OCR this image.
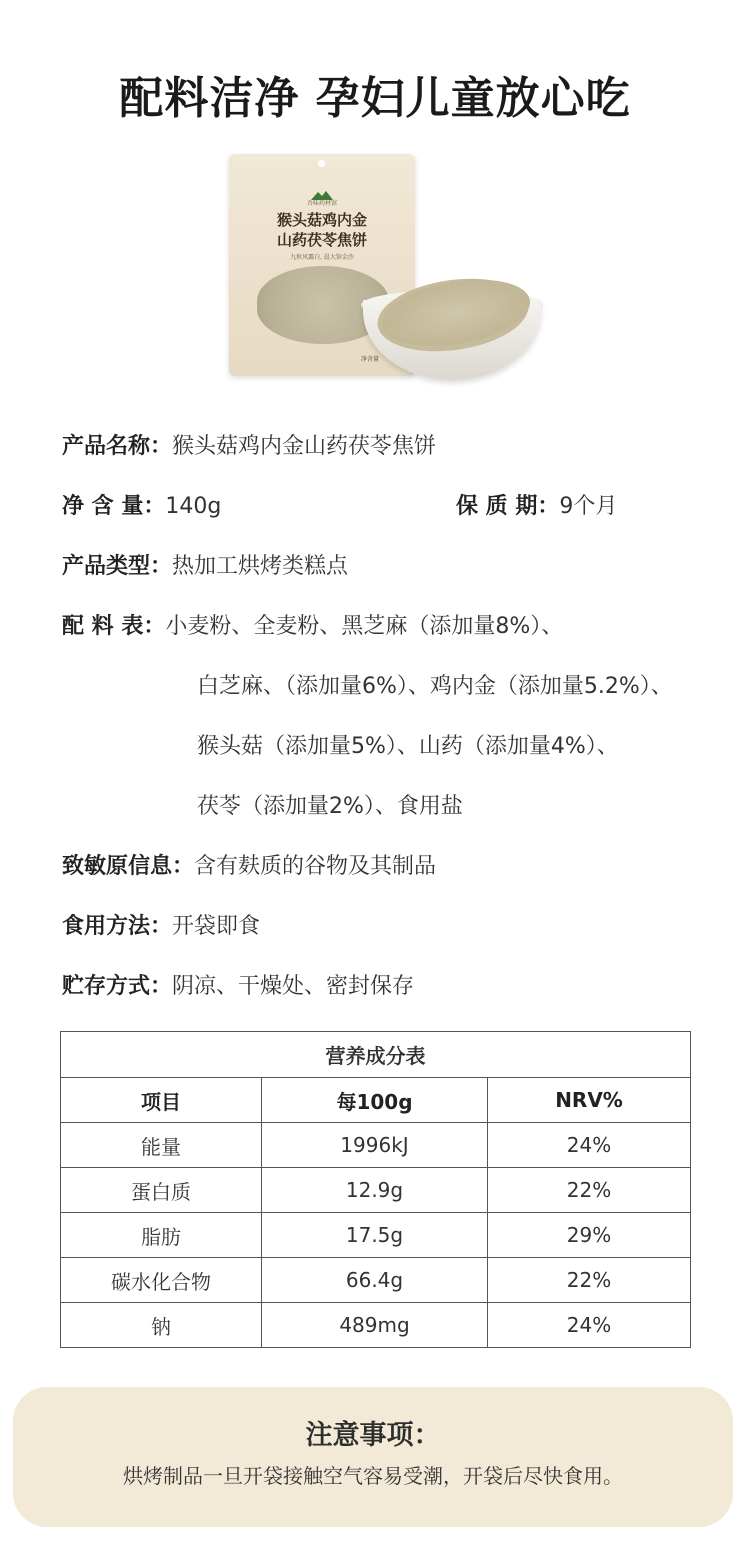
配料洁净 孕妇儿童放心吃
吾味药材馆
猴头菇鸡内金
山药茯苓焦饼
九秋风露白, 晨大馆金沙
净含量
产品名称：猴头菇鸡内金山药茯苓焦饼
净 含 量：140g	保 质 期：9个月
产品类型：热加工烘烤类糕点
配 料 表：小麦粉、全麦粉、黑芝麻（添加量8%）、
白芝麻、（添加量6%）、鸡内金（添加量5.2%）、
猴头菇（添加量5%）、山药（添加量4%）、
茯苓（添加量2%）、食用盐
致敏原信息：含有麸质的谷物及其制品
食用方法：开袋即食
贮存方式：阴凉、干燥处、密封保存
营养成分表		
项目	每100g	NRV%
能量	1996kJ	24%
蛋白质	12.9g	22%
脂肪	17.5g	29%
碳水化合物	66.4g	22%
钠	489mg	24%
注意事项：
烘烤制品一旦开袋接触空气容易受潮，开袋后尽快食用。
